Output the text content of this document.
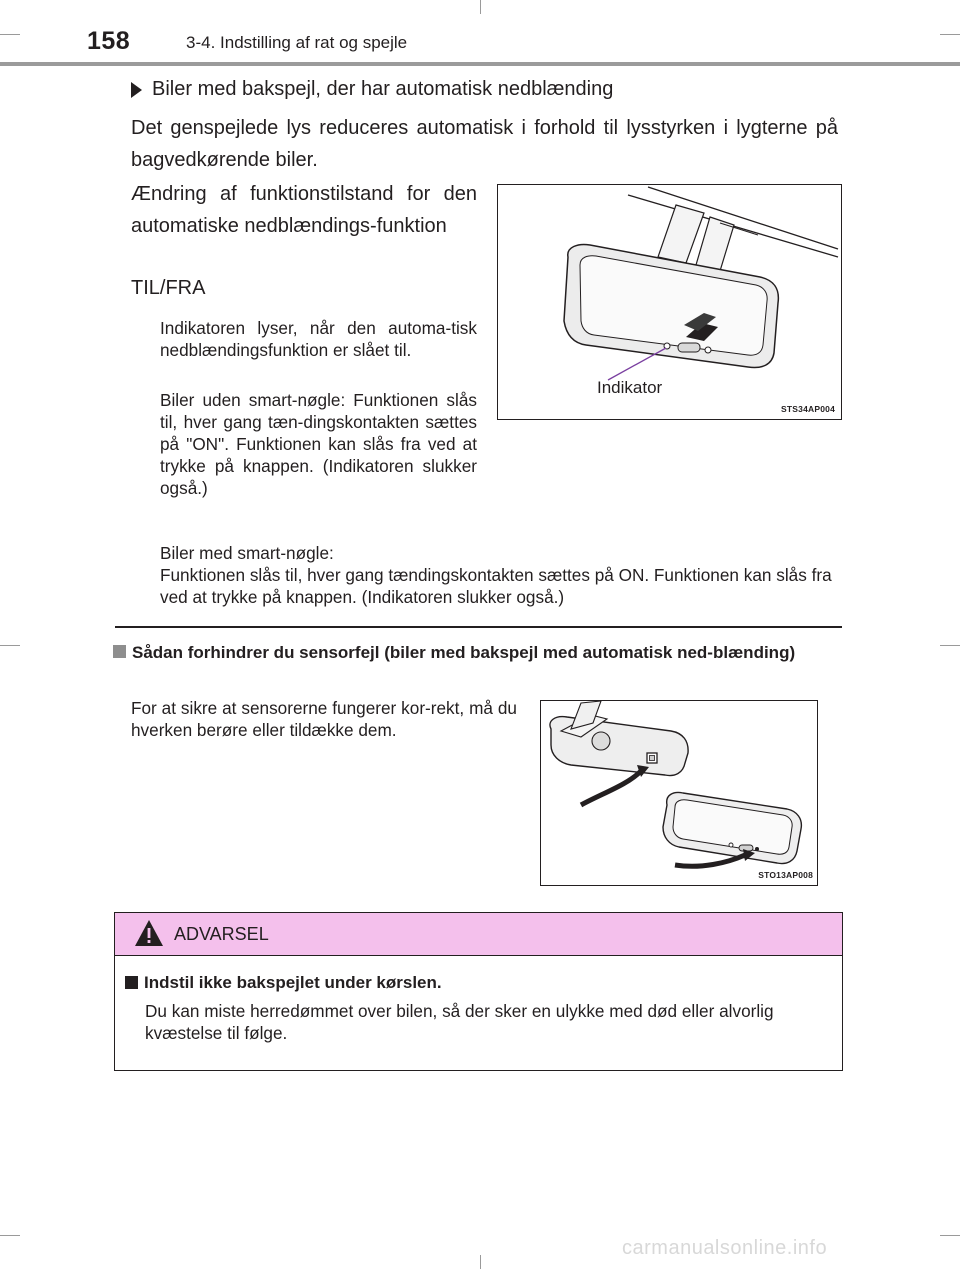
158	3-4. Indstilling af rat og spejle
Biler med bakspejl, der har automatisk nedblænding
Det genspejlede lys reduceres automatisk i forhold til lysstyrken i lygterne på bagvedkørende biler.
Ændring af funktionstilstand for den automatiske nedblændings-funktion
TIL/FRA
Indikatoren lyser, når den automa-tisk nedblændingsfunktion er slået til.
Biler uden smart-nøgle: Funktionen slås til, hver gang tæn-dingskontakten sættes på "ON". Funktionen kan slås fra ved at trykke på knappen. (Indikatoren slukker også.)
Biler med smart-nøgle:
Funktionen slås til, hver gang tændingskontakten sættes på ON. Funktionen kan slås fra ved at trykke på knappen. (Indikatoren slukker også.)
Indikator
STS34AP004
Sådan forhindrer du sensorfejl (biler med bakspejl med automatisk ned-blænding)
For at sikre at sensorerne fungerer kor-rekt, må du hverken berøre eller tildække dem.
STO13AP008
ADVARSEL
Indstil ikke bakspejlet under kørslen.
Du kan miste herredømmet over bilen, så der sker en ulykke med død eller alvorlig kvæstelse til følge.
carmanualsonline.info
